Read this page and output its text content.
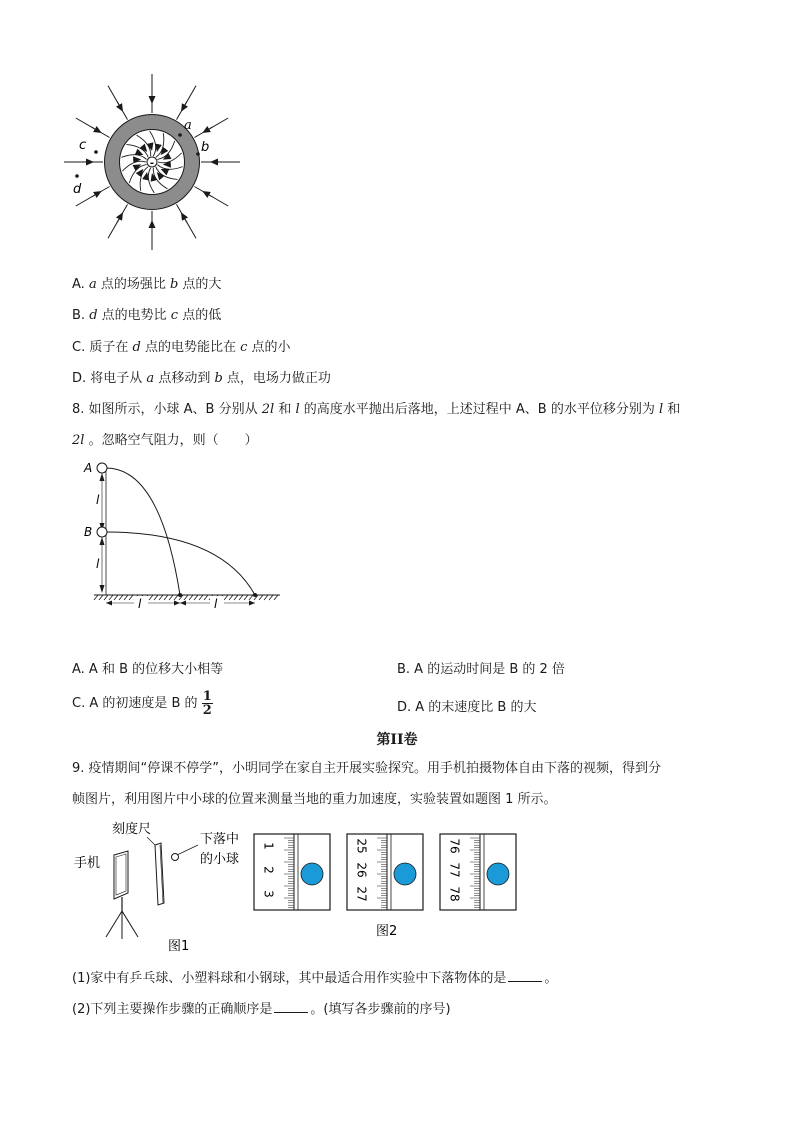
-
a
b
c
d
A. a 点的场强比 b 点的大
B. d 点的电势比 c 点的低
C. 质子在 d 点的电势能比在 c 点的小
D. 将电子从 a 点移动到 b 点，电场力做正功
8. 如图所示，小球 A、B 分别从 2l 和 l 的高度水平抛出后落地，上述过程中 A、B 的水平位移分别为 l 和
2l 。忽略空气阻力，则（　　）
A
B
l
l
l	l
A. A 和 B 的位移大小相等	B. A 的运动时间是 B 的 2 倍
C. A 的初速度是 B 的 $\frac{1}{2}$	D. A 的末速度比 B 的大
第II卷
9. 疫情期间“停课不停学”，小明同学在家自主开展实验探究。用手机拍摄物体自由下落的视频，得到分
帧图片，利用图片中小球的位置来测量当地的重力加速度，实验装置如题图 1 所示。
刻度尺
下落中
的小球
手机
图1
1
2
3
25
26
27
76
77
78
图2
(1)家中有乒乓球、小塑料球和小钢球，其中最适合用作实验中下落物体的是	。
(2)下列主要操作步骤的正确顺序是	。(填写各步骤前的序号)
